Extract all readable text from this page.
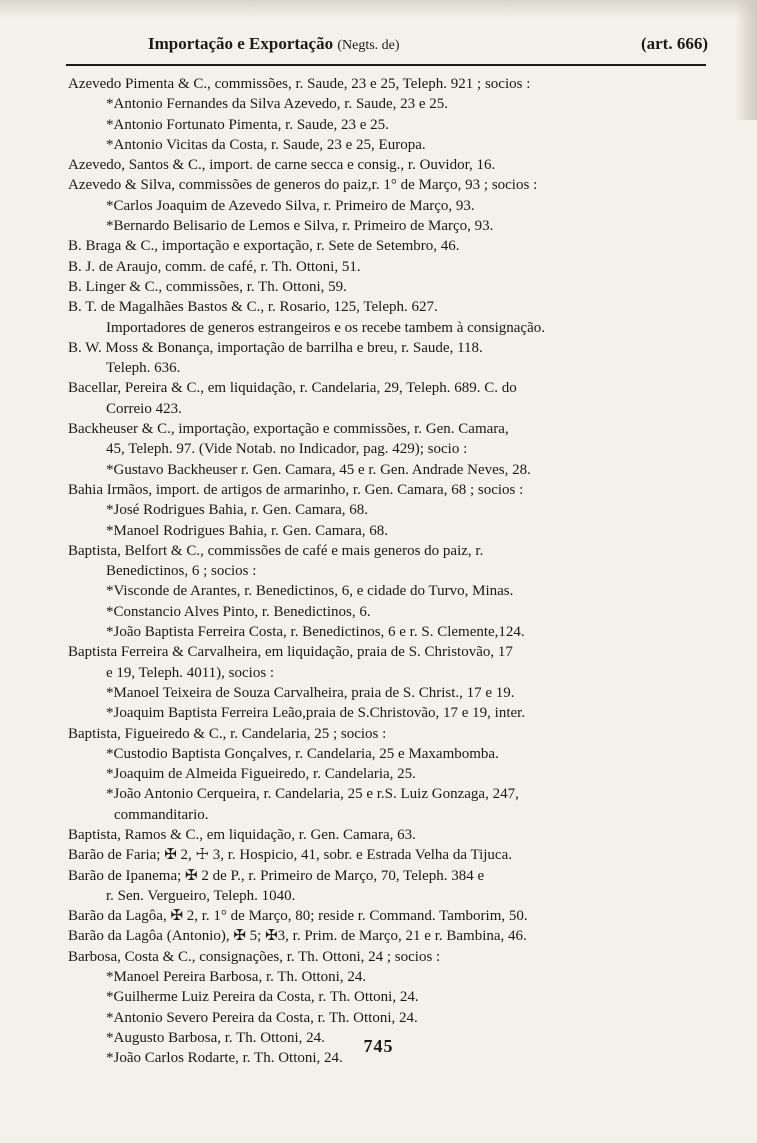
Importação e Exportação (Negts. de)	(art. 666)
Azevedo Pimenta & C., commissões, r. Saude, 23 e 25, Teleph. 921 ; socios :
*Antonio Fernandes da Silva Azevedo, r. Saude, 23 e 25.
*Antonio Fortunato Pimenta, r. Saude, 23 e 25.
*Antonio Vicitas da Costa, r. Saude, 23 e 25, Europa.
Azevedo, Santos & C., import. de carne secca e consig., r. Ouvidor, 16.
Azevedo & Silva, commissões de generos do paiz,r. 1° de Março, 93 ; socios :
*Carlos Joaquim de Azevedo Silva, r. Primeiro de Março, 93.
*Bernardo Belisario de Lemos e Silva, r. Primeiro de Março, 93.
B. Braga & C., importação e exportação, r. Sete de Setembro, 46.
B. J. de Araujo, comm. de café, r. Th. Ottoni, 51.
B. Linger & C., commissões, r. Th. Ottoni, 59.
B. T. de Magalhães Bastos & C., r. Rosario, 125, Teleph. 627.
Importadores de generos estrangeiros e os recebe tambem à consignação.
B. W. Moss & Bonança, importação de barrilha e breu, r. Saude, 118.
Teleph. 636.
Bacellar, Pereira & C., em liquidação, r. Candelaria, 29, Teleph. 689. C. do
Correio 423.
Backheuser & C., importação, exportação e commissões, r. Gen. Camara,
45, Teleph. 97. (Vide Notab. no Indicador, pag. 429); socio :
*Gustavo Backheuser r. Gen. Camara, 45 e r. Gen. Andrade Neves, 28.
Bahia Irmãos, import. de artigos de armarinho, r. Gen. Camara, 68 ; socios :
*José Rodrigues Bahia, r. Gen. Camara, 68.
*Manoel Rodrigues Bahia, r. Gen. Camara, 68.
Baptista, Belfort & C., commissões de café e mais generos do paiz, r.
Benedictinos, 6 ; socios :
*Visconde de Arantes, r. Benedictinos, 6, e cidade do Turvo, Minas.
*Constancio Alves Pinto, r. Benedictinos, 6.
*João Baptista Ferreira Costa, r. Benedictinos, 6 e r. S. Clemente,124.
Baptista Ferreira & Carvalheira, em liquidação, praia de S. Christovão, 17
e 19, Teleph. 4011), socios :
*Manoel Teixeira de Souza Carvalheira, praia de S. Christ., 17 e 19.
*Joaquim Baptista Ferreira Leão,praia de S.Christovão, 17 e 19, inter.
Baptista, Figueiredo & C., r. Candelaria, 25 ; socios :
*Custodio Baptista Gonçalves, r. Candelaria, 25 e Maxambomba.
*Joaquim de Almeida Figueiredo, r. Candelaria, 25.
*João Antonio Cerqueira, r. Candelaria, 25 e r.S. Luiz Gonzaga, 247,
commanditario.
Baptista, Ramos & C., em liquidação, r. Gen. Camara, 63.
Barão de Faria; ✠ 2, ☩ 3, r. Hospicio, 41, sobr. e Estrada Velha da Tijuca.
Barão de Ipanema; ✠ 2 de P., r. Primeiro de Março, 70, Teleph. 384 e
r. Sen. Vergueiro, Teleph. 1040.
Barão da Lagôa, ✠ 2, r. 1° de Março, 80; reside r. Command. Tamborim, 50.
Barão da Lagôa (Antonio), ✠ 5; ✠3, r. Prim. de Março, 21 e r. Bambina, 46.
Barbosa, Costa & C., consignações, r. Th. Ottoni, 24 ; socios :
*Manoel Pereira Barbosa, r. Th. Ottoni, 24.
*Guilherme Luiz Pereira da Costa, r. Th. Ottoni, 24.
*Antonio Severo Pereira da Costa, r. Th. Ottoni, 24.
*Augusto Barbosa, r. Th. Ottoni, 24.
*João Carlos Rodarte, r. Th. Ottoni, 24.
745
